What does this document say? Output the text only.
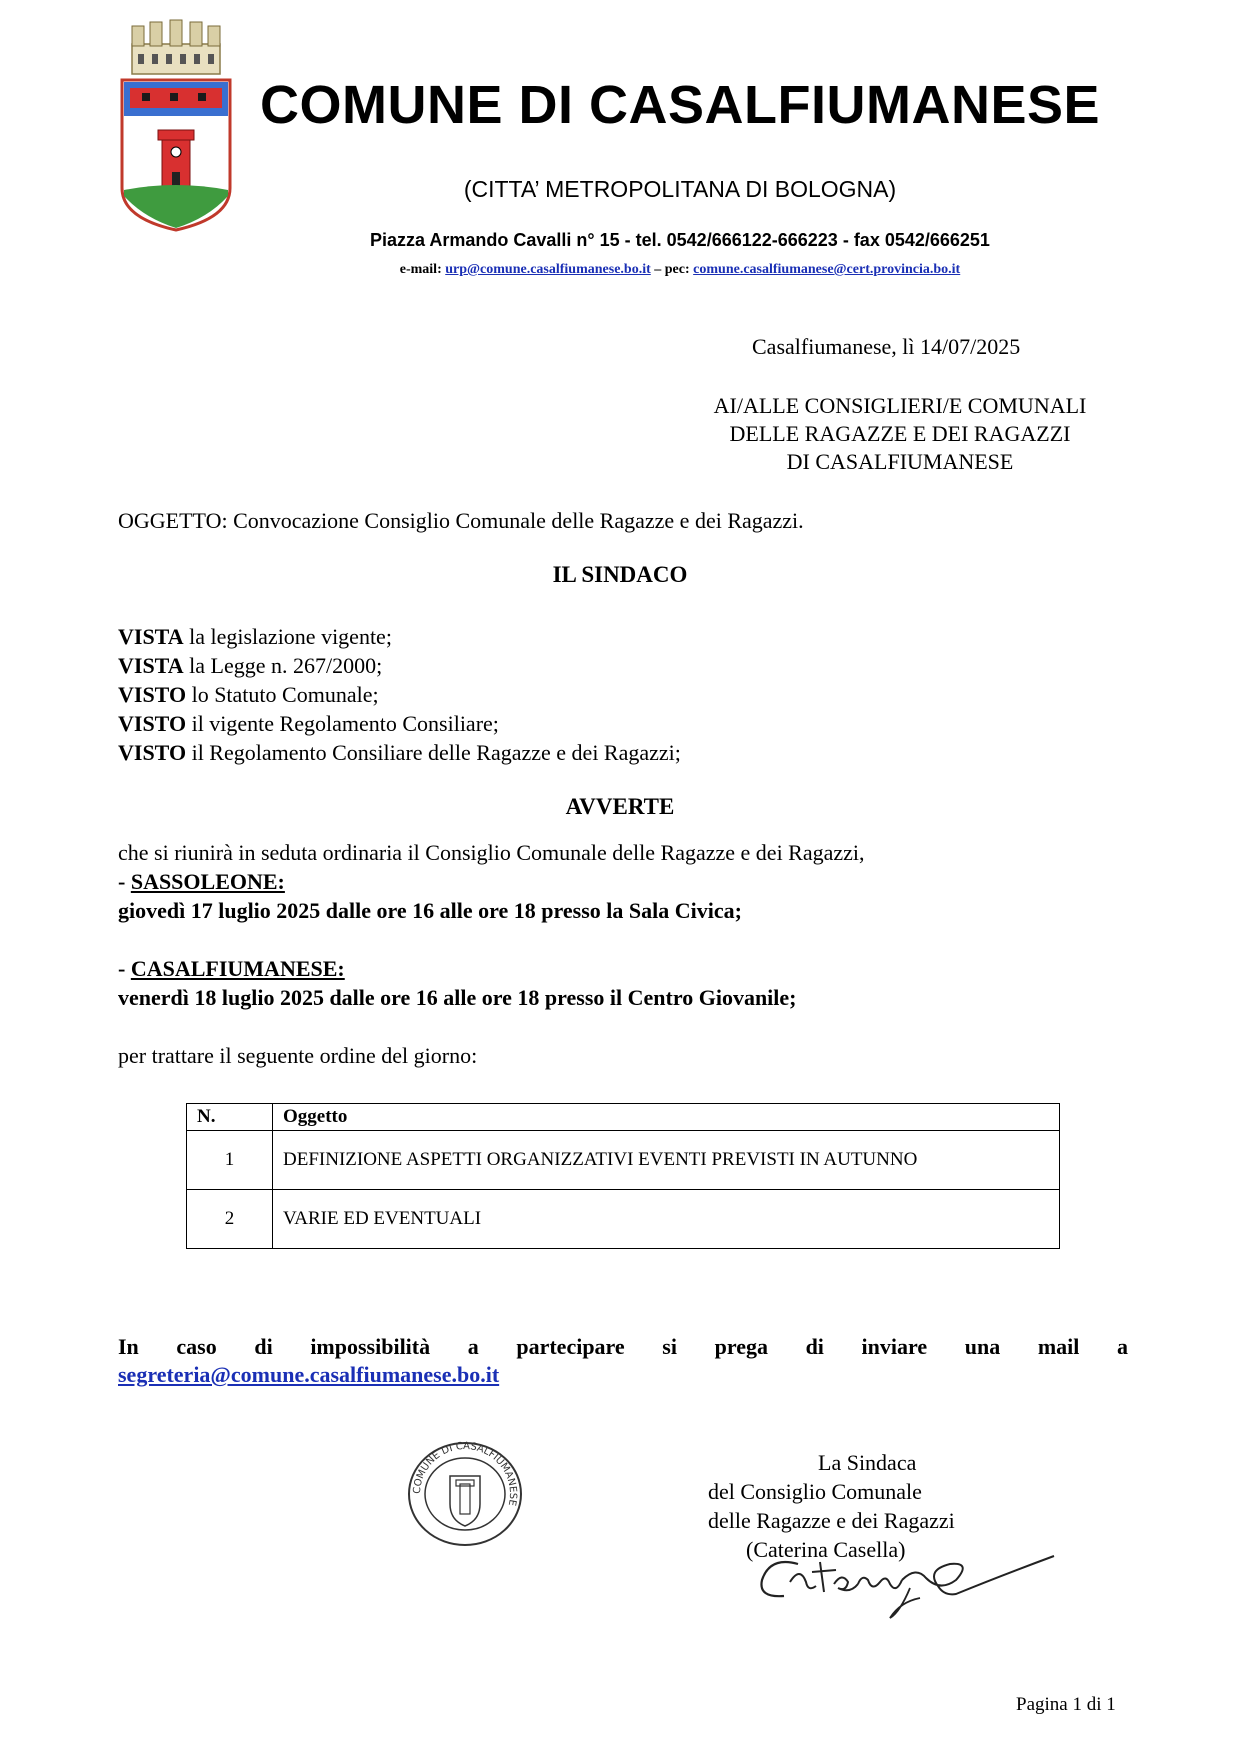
COMUNE DI CASALFIUMANESE
(CITTA’ METROPOLITANA DI BOLOGNA)
Piazza Armando Cavalli n° 15 - tel. 0542/666122-666223 - fax 0542/666251
e-mail: urp@comune.casalfiumanese.bo.it – pec: comune.casalfiumanese@cert.provincia.bo.it
Casalfiumanese, lì 14/07/2025
AI/ALLE CONSIGLIERI/E COMUNALI
DELLE RAGAZZE E DEI RAGAZZI
DI CASALFIUMANESE
OGGETTO: Convocazione Consiglio Comunale delle Ragazze e dei Ragazzi.
IL SINDACO
VISTA la legislazione vigente;
VISTA la Legge n. 267/2000;
VISTO lo Statuto Comunale;
VISTO il vigente Regolamento Consiliare;
VISTO il Regolamento Consiliare delle Ragazze e dei Ragazzi;
AVVERTE
che si riunirà in seduta ordinaria il Consiglio Comunale delle Ragazze e dei Ragazzi,
- SASSOLEONE:
giovedì 17 luglio 2025 dalle ore 16 alle ore 18 presso la Sala Civica;
- CASALFIUMANESE:
venerdì 18 luglio 2025 dalle ore 16 alle ore 18 presso il Centro Giovanile;
per trattare il seguente ordine del giorno:
N.	Oggetto
1	DEFINIZIONE ASPETTI ORGANIZZATIVI EVENTI PREVISTI IN AUTUNNO
2	VARIE ED EVENTUALI
In caso di impossibilità a partecipare si prega di inviare una mail a
segreteria@comune.casalfiumanese.bo.it
COMUNE DI CASALFIUMANESE
La Sindaca
del Consiglio Comunale
delle Ragazze e dei Ragazzi
(Caterina Casella)
Pagina 1 di 1
